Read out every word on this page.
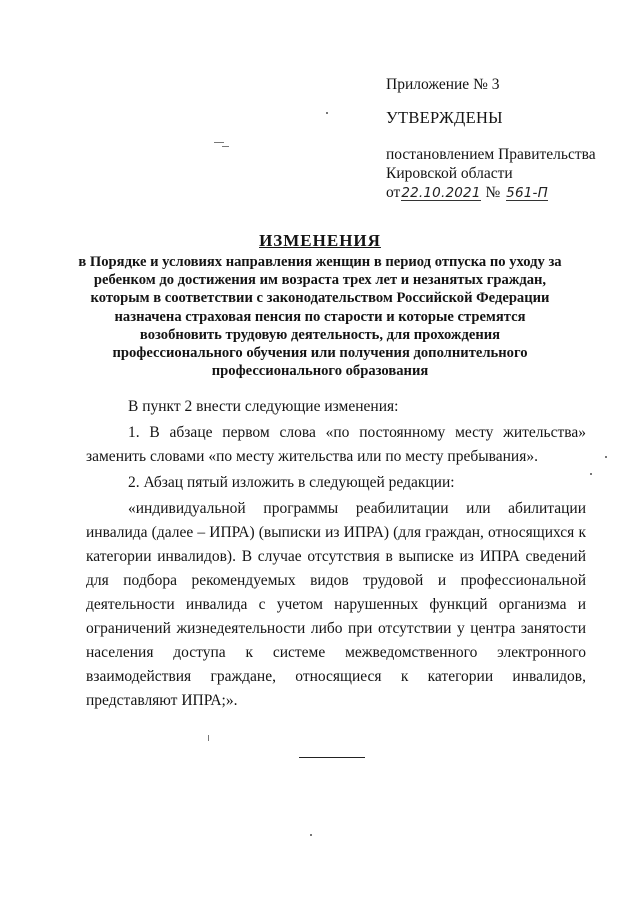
Приложение № 3
УТВЕРЖДЕНЫ
постановлением Правительства
Кировской области
от22.10.2021 № 561-П
ИЗМЕНЕНИЯ
в Порядке и условиях направления женщин в период отпуска по уходу за
ребенком до достижения им возраста трех лет и незанятых граждан,
которым в соответствии с законодательством Российской Федерации
назначена страховая пенсия по старости и которые стремятся
возобновить трудовую деятельность, для прохождения
профессионального обучения или получения дополнительного
профессионального образования

В пункт 2 внести следующие изменения:

1. В абзаце первом слова «по постоянному месту жительства» заменить словами «по месту жительства или по месту пребывания».

2. Абзац пятый изложить в следующей редакции:

«индивидуальной программы реабилитации или абилитации инвалида (далее – ИПРА) (выписки из ИПРА) (для граждан, относящихся к категории инвалидов). В случае отсутствия в выписке из ИПРА сведений для подбора рекомендуемых видов трудовой и профессиональной деятельности инвалида с учетом нарушенных функций организма и ограничений жизнедеятельности либо при отсутствии у центра занятости населения доступа к системе межведомственного электронного взаимодействия граждане, относящиеся к категории инвалидов, представляют ИПРА;».
